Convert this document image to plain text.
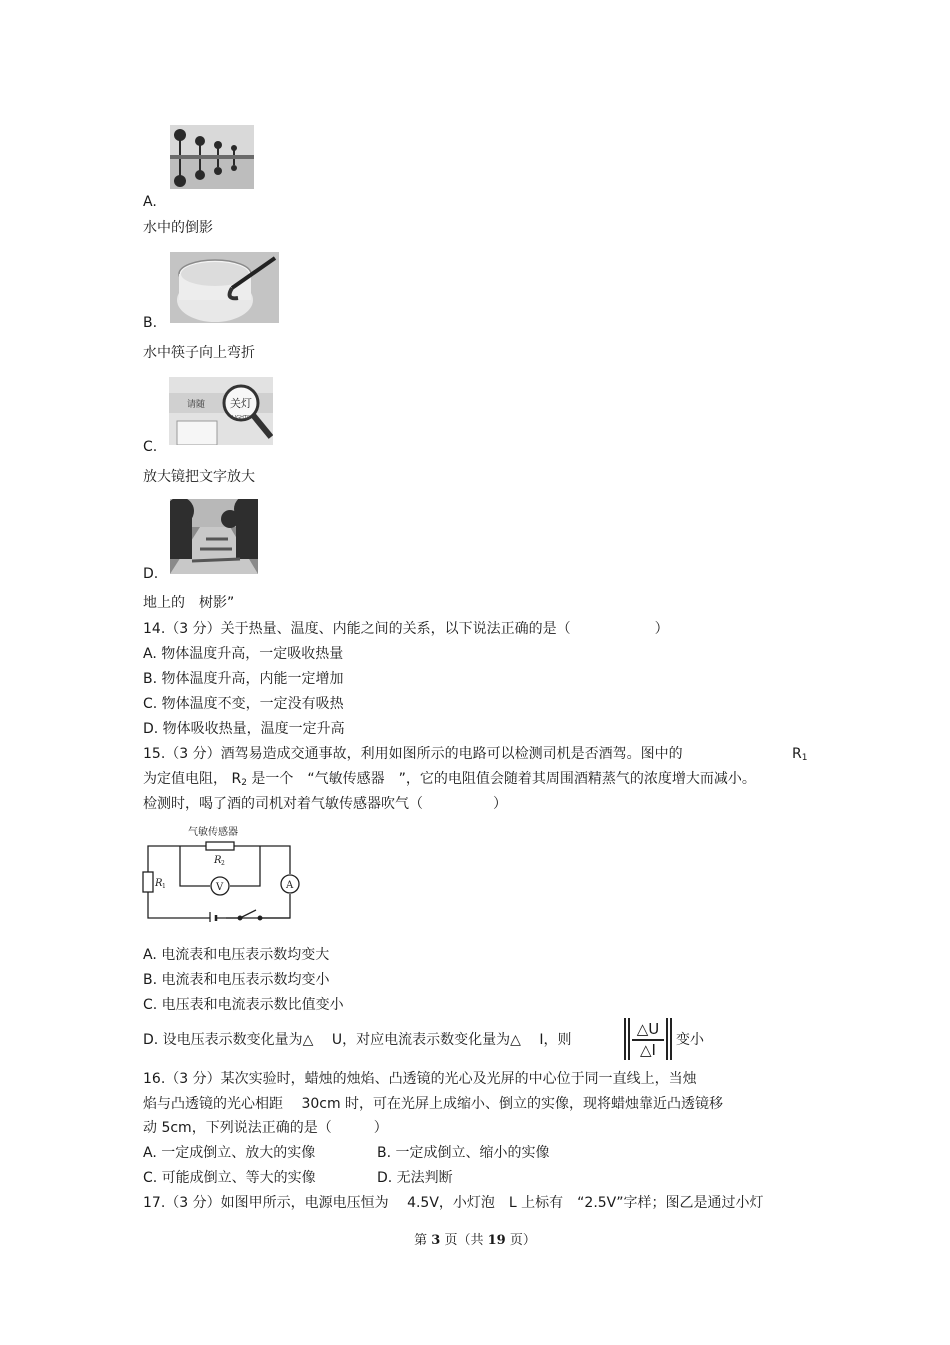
A.
水中的倒影
B.
水中筷子向上弯折
请随 关灯
LIGHTS
C.
放大镜把文字放大
D.
地上的　树影”
14.（3 分）关于热量、温度、内能之间的关系，以下说法正确的是（　　　　　　）
A. 物体温度升高，一定吸收热量
B. 物体温度升高，内能一定增加
C. 物体温度不变，一定没有吸热
D. 物体吸收热量，温度一定升高
15.（3 分）酒驾易造成交通事故，利用如图所示的电路可以检测司机是否酒驾。图中的	$R_1$
为定值电阻， $R_2$ 是一个　“气敏传感器　”，它的电阻值会随着其周围酒精蒸气的浓度增大而减小。
检测时，喝了酒的司机对着气敏传感器吹气（　　　　　）
气敏传感器
R 2
R 1	V	A
A. 电流表和电压表示数均变大
B. 电流表和电压表示数均变小
C. 电压表和电流表示数比值变小
D. 设电压表示数变化量为△　 U，对应电流表示数变化量为△　 I，则
△U
△I
变小
16.（3 分）某次实验时，蜡烛的烛焰、凸透镜的光心及光屏的中心位于同一直线上，当烛
焰与凸透镜的光心相距　 30cm 时，可在光屏上成缩小、倒立的实像，现将蜡烛靠近凸透镜移
动 5cm，下列说法正确的是（　　　）
A. 一定成倒立、放大的实像	B. 一定成倒立、缩小的实像
C. 可能成倒立、等大的实像	D. 无法判断
17.（3 分）如图甲所示，电源电压恒为　 4.5V，小灯泡　L 上标有　“2.5V”字样；图乙是通过小灯
第 3 页（共 19 页）
